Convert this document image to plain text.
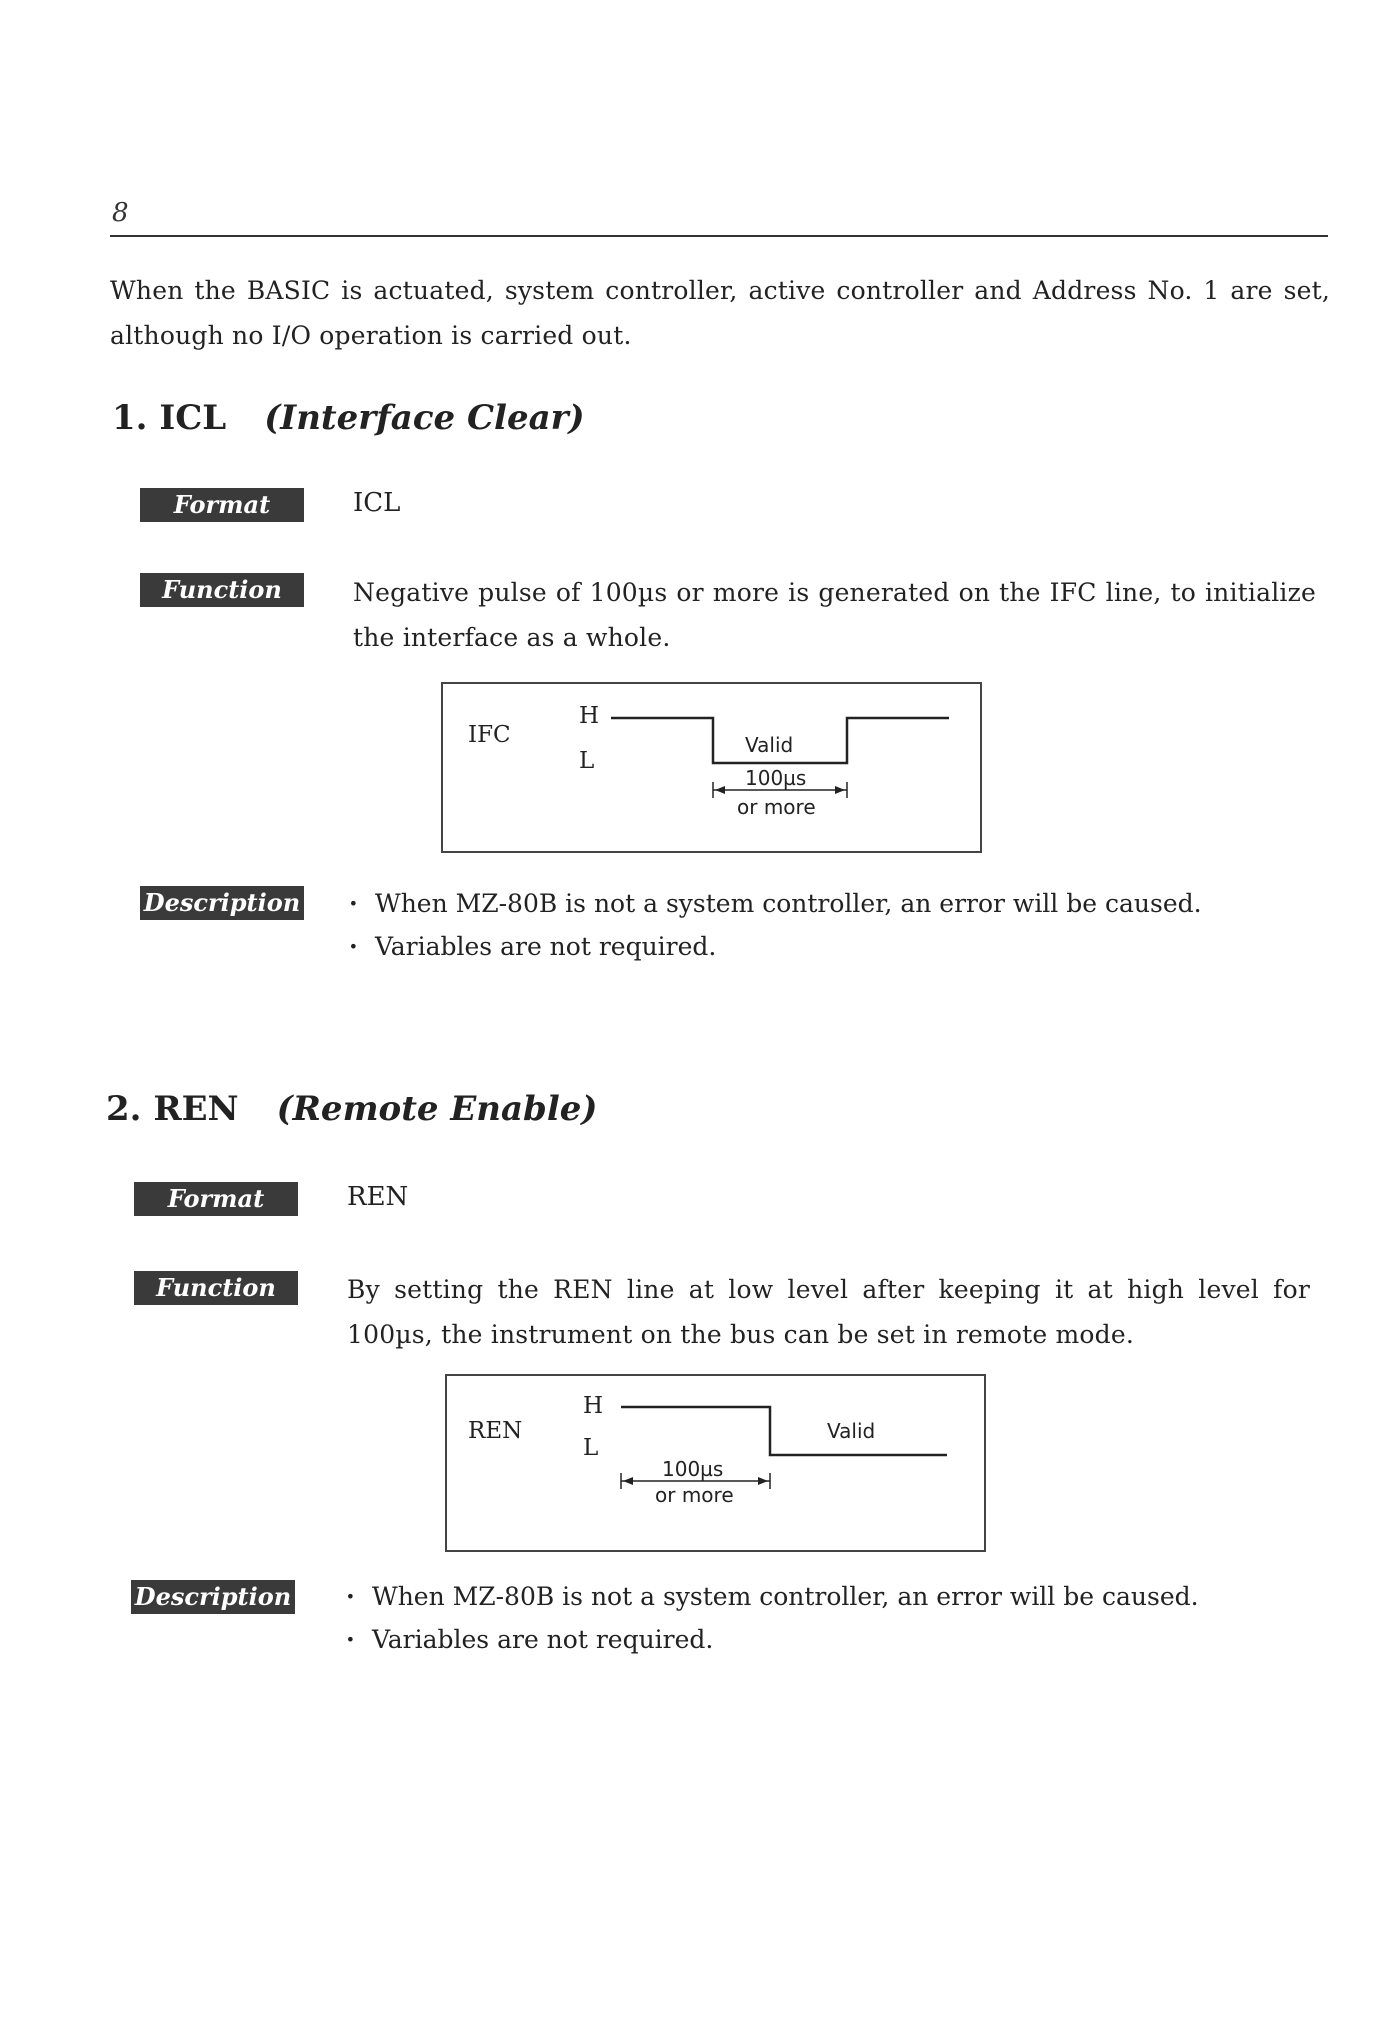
8
When the BASIC is actuated, system controller, active controller and Address No. 1 are set, although no I/O operation is carried out.
1. ICL (Interface Clear)
Format	ICL
Function	Negative pulse of 100µs or more is generated on the IFC line, to initialize the interface as a whole.
IFC
H
L
Valid
100µs
or more
Description	· When MZ-80B is not a system controller, an error will be caused.
· Variables are not required.
2. REN (Remote Enable)
Format	REN
Function	By setting the REN line at low level after keeping it at high level for 100µs, the instrument on the bus can be set in remote mode.
REN
H
L
Valid
100µs
or more
Description	· When MZ-80B is not a system controller, an error will be caused.
· Variables are not required.
